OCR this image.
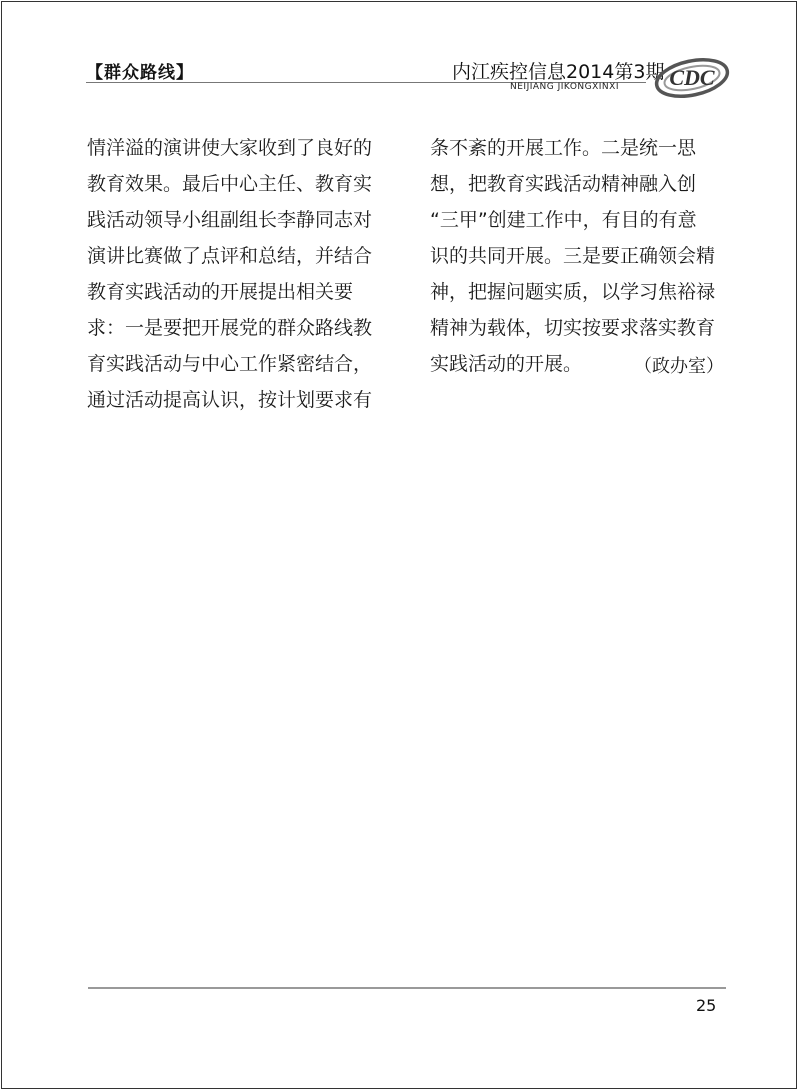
【群众路线】	内江疾控信息2014第3期
NEIJIANG JIKONGXINXI CDC

情洋溢的演讲使大家收到了良好的

教育效果。最后中心主任、教育实

践活动领导小组副组长李静同志对

演讲比赛做了点评和总结，并结合

教育实践活动的开展提出相关要

求：一是要把开展党的群众路线教

育实践活动与中心工作紧密结合，

通过活动提高认识，按计划要求有

条不紊的开展工作。二是统一思

想，把教育实践活动精神融入创

“三甲”创建工作中，有目的有意

识的共同开展。三是要正确领会精

神，把握问题实质，以学习焦裕禄

精神为载体，切实按要求落实教育

实践活动的开展。	（政办室）
25
